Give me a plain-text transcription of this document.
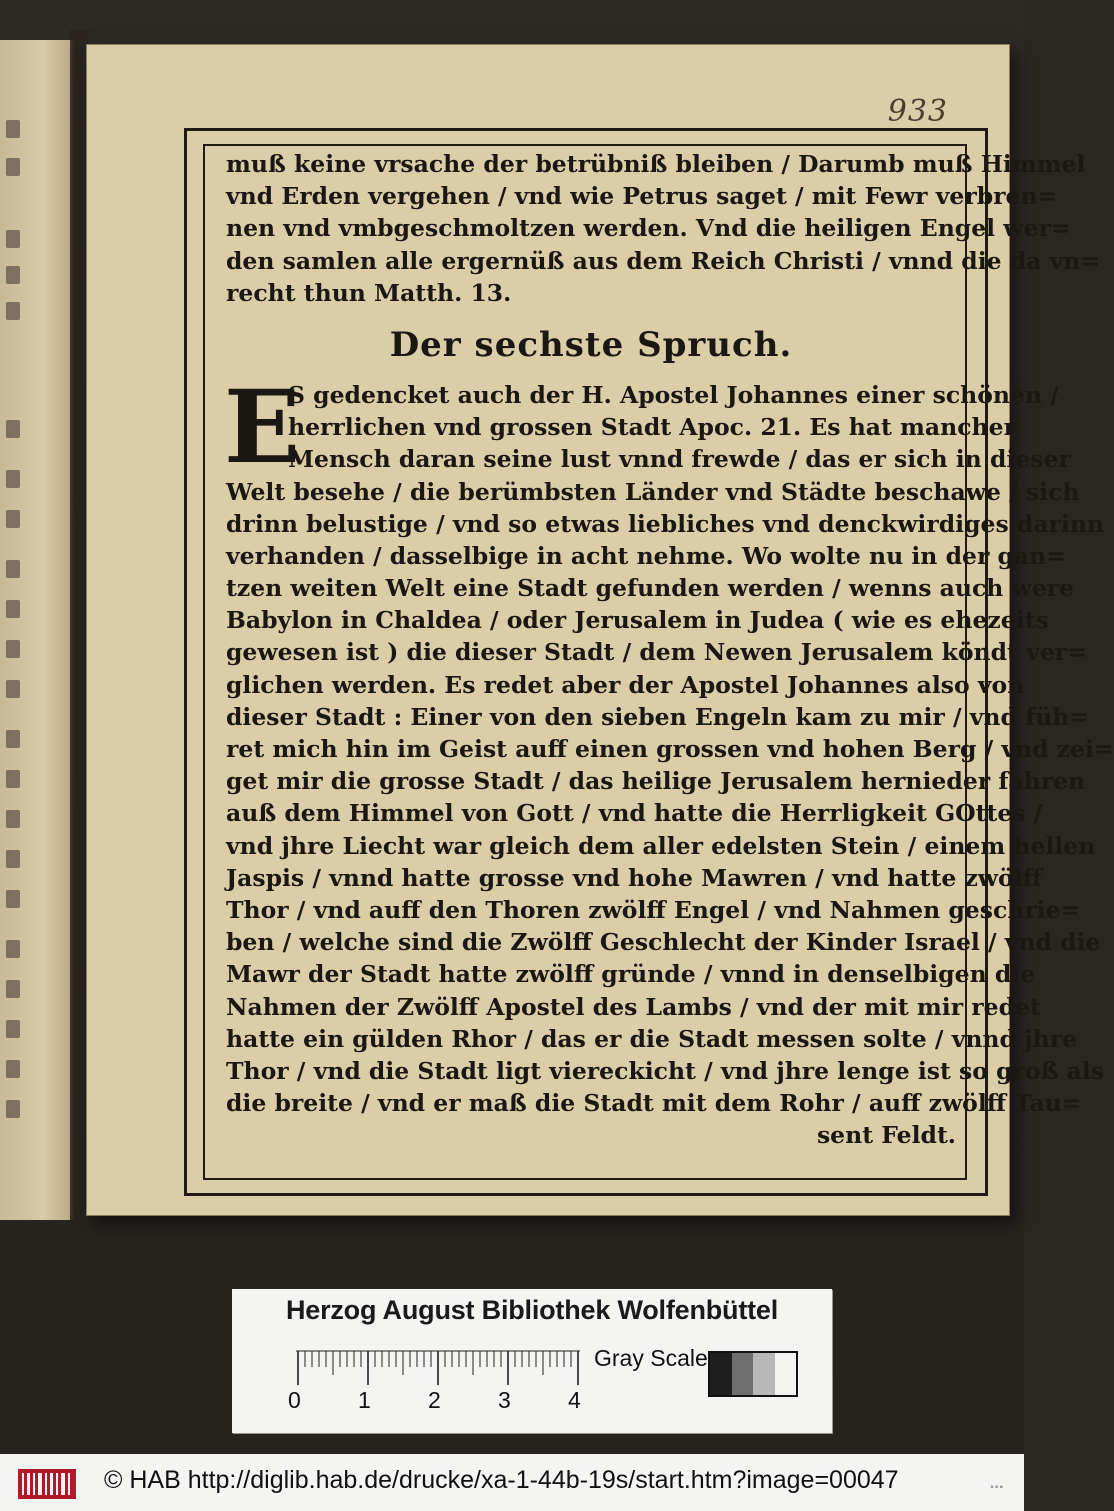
933
muß keine vrsache der betrübniß bleiben / Darumb muß Himmel
vnd Erden vergehen / vnd wie Petrus saget / mit Fewr verbren=
nen vnd vmbgeschmoltzen werden. Vnd die heiligen Engel wer=
den samlen alle ergernüß aus dem Reich Christi / vnnd die da vn=
recht thun Matth. 13.
Der sechste Spruch.
E
S gedencket auch der H. Apostel Johannes einer schönen /
herrlichen vnd grossen Stadt Apoc. 21. Es hat mancher
Mensch daran seine lust vnnd frewde / das er sich in dieser
Welt besehe / die berümbsten Länder vnd Städte beschawe / sich
drinn belustige / vnd so etwas liebliches vnd denckwirdiges darinn
verhanden / dasselbige in acht nehme. Wo wolte nu in der gan=
tzen weiten Welt eine Stadt gefunden werden / wenns auch were
Babylon in Chaldea / oder Jerusalem in Judea ( wie es ehezeits
gewesen ist ) die dieser Stadt / dem Newen Jerusalem köndt ver=
glichen werden. Es redet aber der Apostel Johannes also von
dieser Stadt : Einer von den sieben Engeln kam zu mir / vnd füh=
ret mich hin im Geist auff einen grossen vnd hohen Berg / vnd zei=
get mir die grosse Stadt / das heilige Jerusalem hernieder fahren
auß dem Himmel von Gott / vnd hatte die Herrligkeit GOttes /
vnd jhre Liecht war gleich dem aller edelsten Stein / einem hellen
Jaspis / vnnd hatte grosse vnd hohe Mawren / vnd hatte zwölff
Thor / vnd auff den Thoren zwölff Engel / vnd Nahmen geschrie=
ben / welche sind die Zwölff Geschlecht der Kinder Israel / vnd die
Mawr der Stadt hatte zwölff gründe / vnnd in denselbigen die
Nahmen der Zwölff Apostel des Lambs / vnd der mit mir redet
hatte ein gülden Rhor / das er die Stadt messen solte / vnnd jhre
Thor / vnd die Stadt ligt viereckicht / vnd jhre lenge ist so groß als
die breite / vnd er maß die Stadt mit dem Rohr / auff zwölff Tau=
sent Feldt.
Herzog August Bibliothek Wolfenbüttel
0 1 2 3 4
Gray Scale
© HAB http://diglib.hab.de/drucke/xa-1-44b-19s/start.htm?image=00047	▪▪▪
